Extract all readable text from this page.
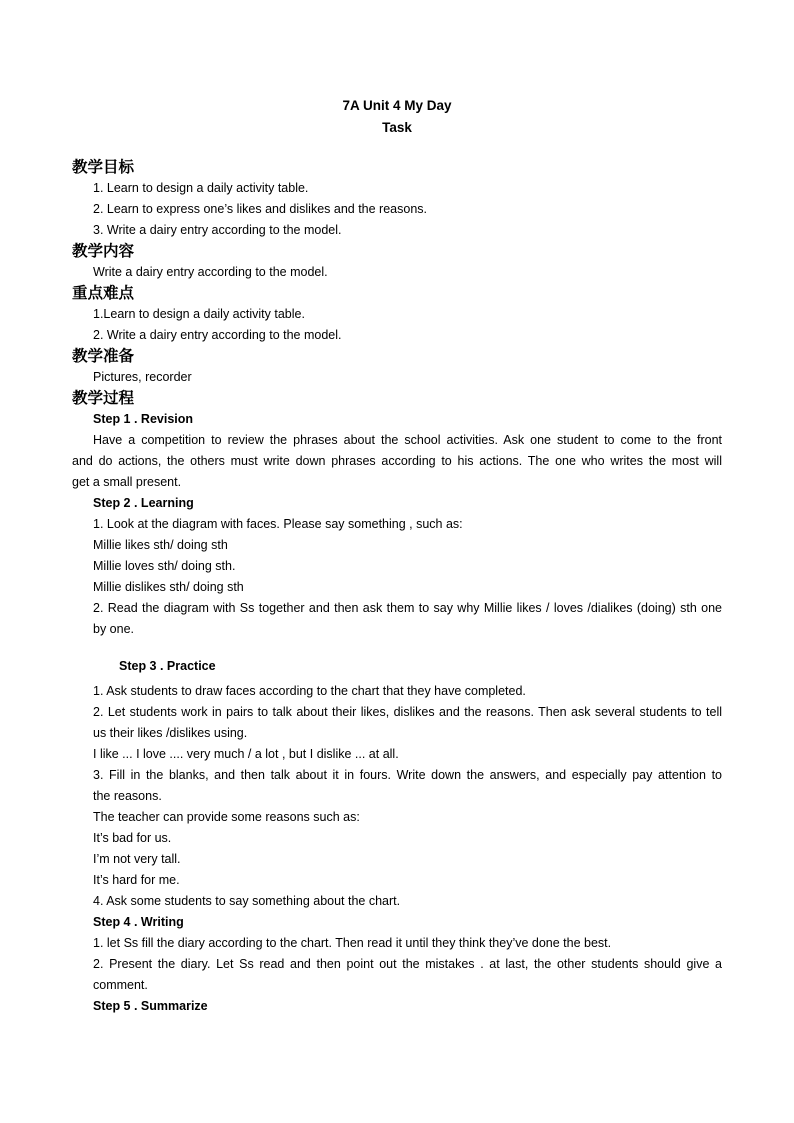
7A Unit 4 My Day
Task
教学目标
1. Learn to design a daily activity table.
2. Learn to express one’s likes and dislikes and the reasons.
3. Write a dairy entry according to the model.
教学内容
Write a dairy entry according to the model.
重点难点
1.Learn to design a daily activity table.
2. Write a dairy entry according to the model.
教学准备
Pictures, recorder
教学过程
Step 1 . Revision
Have a competition to review the phrases about the school activities. Ask one student to come to the front
and do actions, the others must write down phrases according to his actions. The one who writes the most will
get a small present.
Step 2 . Learning
1. Look at the diagram with faces. Please say something , such as:
Millie likes sth/ doing sth
Millie loves sth/ doing sth.
Millie dislikes sth/ doing sth
2. Read the diagram with Ss together and then ask them to say why Millie likes / loves /dialikes (doing) sth one
by one.
Step 3 . Practice
1. Ask students to draw faces according to the chart that they have completed.
2. Let students work in pairs to talk about their likes, dislikes and the reasons. Then ask several students to tell
us their likes /dislikes using.
I like ... I love .... very much / a lot , but I dislike ... at all.
3. Fill in the blanks, and then talk about it in fours. Write down the answers, and especially pay attention to
the reasons.
The teacher can provide some reasons such as:
It’s bad for us.
I’m not very tall.
It’s hard for me.
4. Ask some students to say something about the chart.
Step 4 . Writing
1. let Ss fill the diary according to the chart. Then read it until they think they’ve done the best.
2. Present the diary. Let Ss read and then point out the mistakes . at last, the other students should give a
comment.
Step 5 . Summarize
